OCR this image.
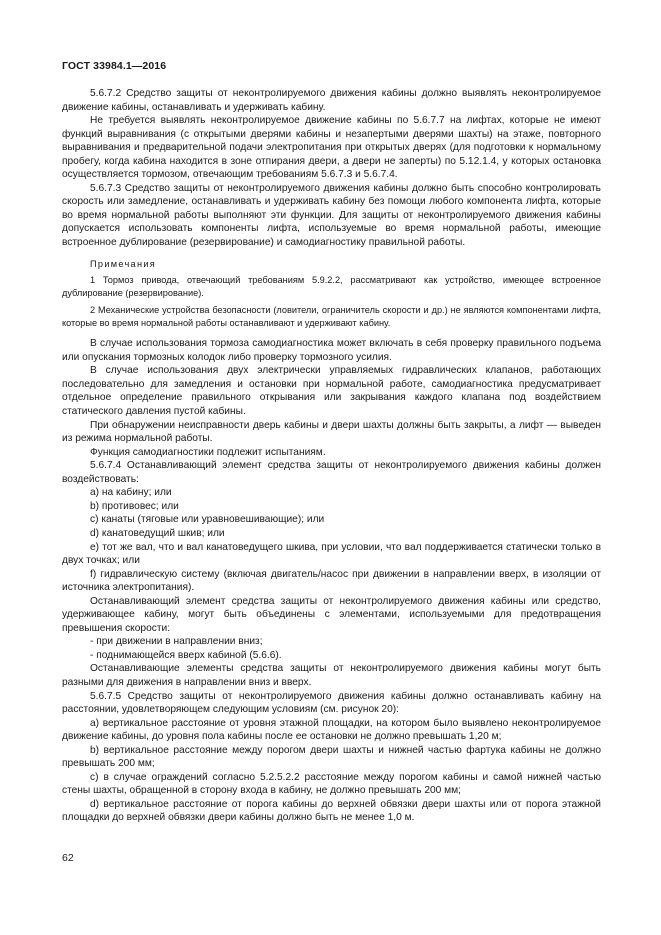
ГОСТ 33984.1—2016

5.6.7.2 Средство защиты от неконтролируемого движения кабины должно выявлять неконтролируемое движение кабины, останавливать и удерживать кабину.

Не требуется выявлять неконтролируемое движение кабины по 5.6.7.7 на лифтах, которые не имеют функций выравнивания (с открытыми дверями кабины и незапертыми дверями шахты) на этаже, повторного выравнивания и предварительной подачи электропитания при открытых дверях (для подготовки к нормальному пробегу, когда кабина находится в зоне отпирания двери, а двери не заперты) по 5.12.1.4, у которых остановка осуществляется тормозом, отвечающим требованиям 5.6.7.3 и 5.6.7.4.

5.6.7.3 Средство защиты от неконтролируемого движения кабины должно быть способно контролировать скорость или замедление, останавливать и удерживать кабину без помощи любого компонента лифта, которые во время нормальной работы выполняют эти функции. Для защиты от неконтролируемого движения кабины допускается использовать компоненты лифта, используемые во время нормальной работы, имеющие встроенное дублирование (резервирование) и самодиагностику правильной работы.

Примечания

1 Тормоз привода, отвечающий требованиям 5.9.2.2, рассматривают как устройство, имеющее встроенное дублирование (резервирование).

2 Механические устройства безопасности (ловители, ограничитель скорости и др.) не являются компонентами лифта, которые во время нормальной работы останавливают и удерживают кабину.

В случае использования тормоза самодиагностика может включать в себя проверку правильного подъема или опускания тормозных колодок либо проверку тормозного усилия.

В случае использования двух электрически управляемых гидравлических клапанов, работающих последовательно для замедления и остановки при нормальной работе, самодиагностика предусматривает отдельное определение правильного открывания или закрывания каждого клапана под воздействием статического давления пустой кабины.

При обнаружении неисправности дверь кабины и двери шахты должны быть закрыты, а лифт — выведен из режима нормальной работы.

Функция самодиагностики подлежит испытаниям.

5.6.7.4 Останавливающий элемент средства защиты от неконтролируемого движения кабины должен воздействовать:

a) на кабину; или

b) противовес; или

c) канаты (тяговые или уравновешивающие); или

d) канатоведущий шкив; или

e) тот же вал, что и вал канатоведущего шкива, при условии, что вал поддерживается статически только в двух точках; или

f) гидравлическую систему (включая двигатель/насос при движении в направлении вверх, в изоляции от источника электропитания).

Останавливающий элемент средства защиты от неконтролируемого движения кабины или средство, удерживающее кабину, могут быть объединены с элементами, используемыми для предотвращения превышения скорости:

- при движении в направлении вниз;

- поднимающейся вверх кабиной (5.6.6).

Останавливающие элементы средства защиты от неконтролируемого движения кабины могут быть разными для движения в направлении вниз и вверх.

5.6.7.5 Средство защиты от неконтролируемого движения кабины должно останавливать кабину на расстоянии, удовлетворяющем следующим условиям (см. рисунок 20):

a) вертикальное расстояние от уровня этажной площадки, на котором было выявлено неконтролируемое движение кабины, до уровня пола кабины после ее остановки не должно превышать 1,20 м;

b) вертикальное расстояние между порогом двери шахты и нижней частью фартука кабины не должно превышать 200 мм;

c) в случае ограждений согласно 5.2.5.2.2 расстояние между порогом кабины и самой нижней частью стены шахты, обращенной в сторону входа в кабину, не должно превышать 200 мм;

d) вертикальное расстояние от порога кабины до верхней обвязки двери шахты или от порога этажной площадки до верхней обвязки двери кабины должно быть не менее 1,0 м.

62
